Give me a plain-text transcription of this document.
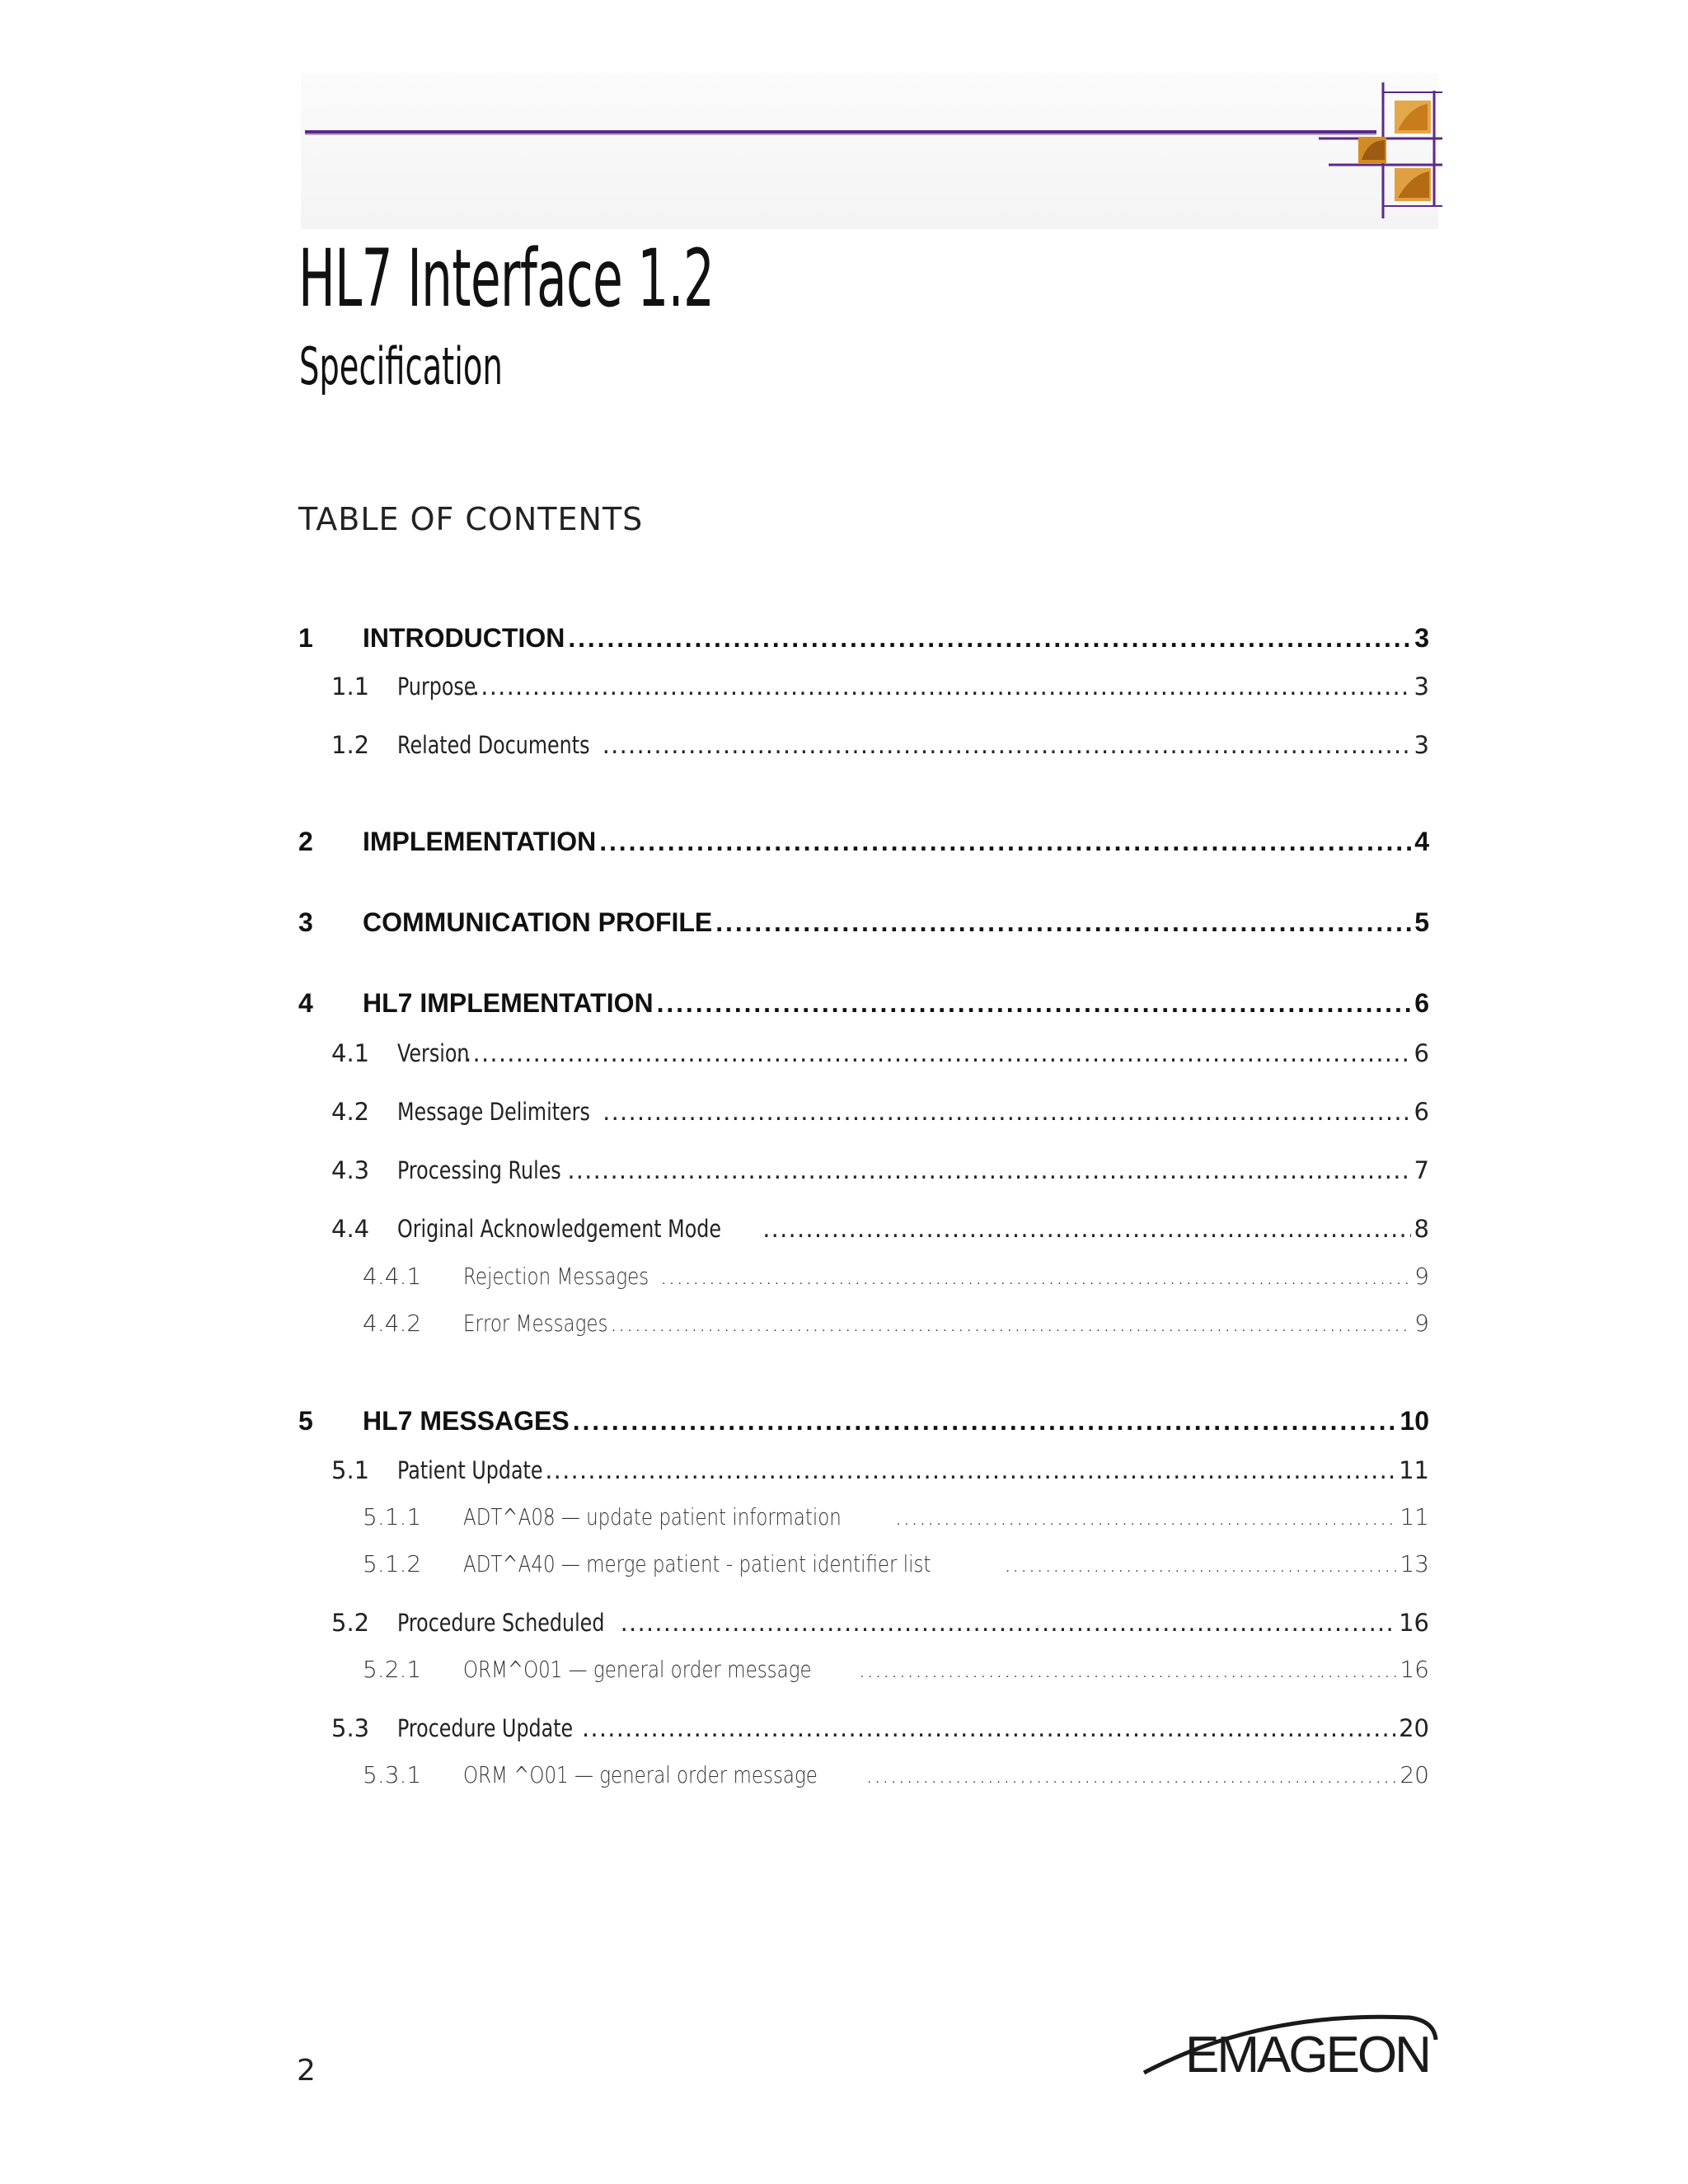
HL7 Interface 1.2
Specification
TABLE OF CONTENTS
1	INTRODUCTION . . .	3
1.1	Purpose . . .	3
1.2	Related Documents . . .	3
2	IMPLEMENTATION . . .	4
3	COMMUNICATION PROFILE . . .	5
4	HL7 IMPLEMENTATION . . .	6
4.1	Version . . .	6
4.2	Message Delimiters . . .	6
4.3	Processing Rules . . .	7
4.4	Original Acknowledgement Mode . . .	8
4.4.1	Rejection Messages . . .	9
4.4.2	Error Messages . . .	9
5	HL7 MESSAGES . . .	10
5.1	Patient Update . . .	11
5.1.1	ADT^A08 — update patient information . . .	11
5.1.2	ADT^A40 — merge patient - patient identifier list . . .	13
5.2	Procedure Scheduled . . .	16
5.2.1	ORM^O01 — general order message . . .	16
5.3	Procedure Update . . .	20
5.3.1	ORM ^O01 — general order message . . .	20
2	EMAGEON
